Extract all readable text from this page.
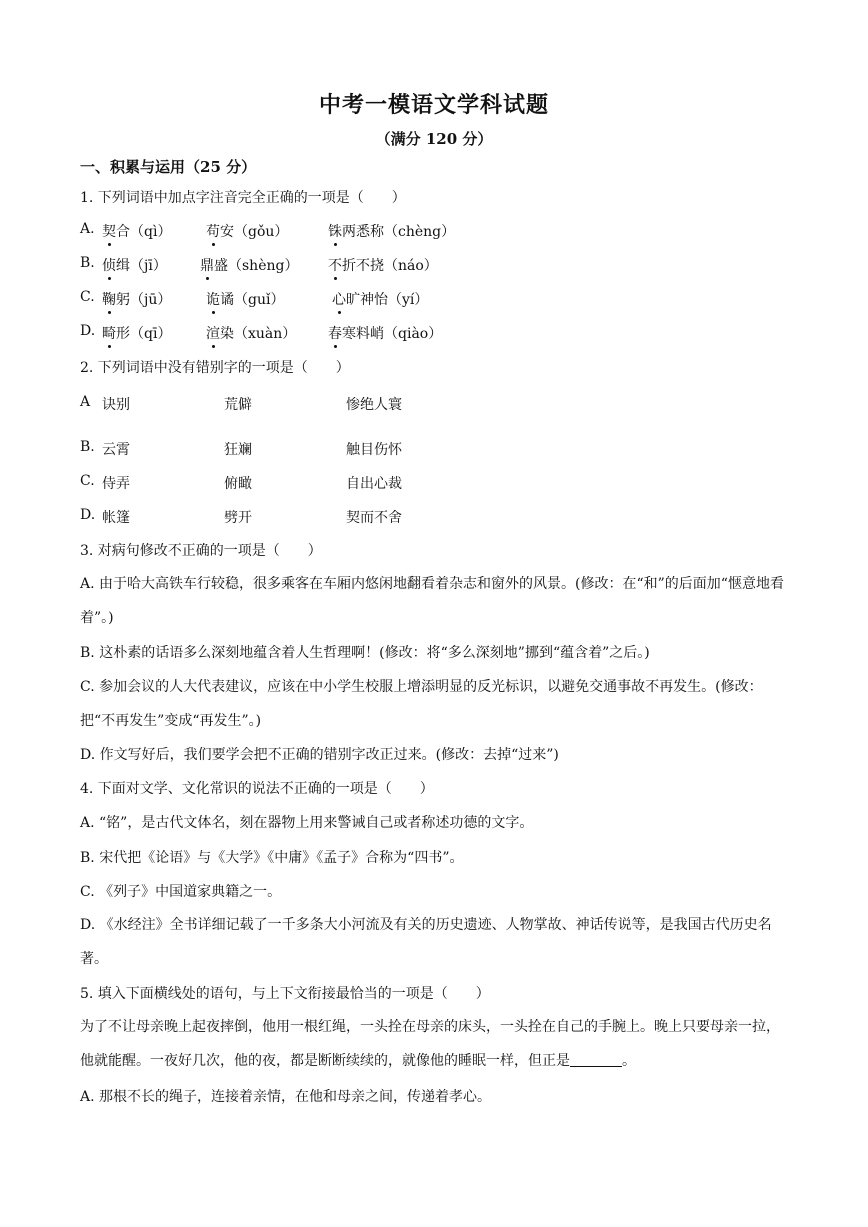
中考一模语文学科试题
（满分 120 分）
一、积累与运用（25 分）
1. 下列词语中加点字注音完全正确的一项是（　　）
A. 契合（qì） 苟安（gǒu）	铢两悉称（chèng）
B. 侦缉（jī） 鼎盛（shèng） 不折不挠（náo）
C. 鞠躬（jū） 诡谲（guǐ）	心旷神怡（yí）
D. 畸形（qī） 渲染（xuàn） 春寒料峭（qiào）
2. 下列词语中没有错别字的一项是（　　）
A 诀别	荒僻	惨绝人寰
B. 云霄	狂斓	触目伤怀
C. 侍弄	俯瞰	自出心裁
D. 帐篷	劈开	契而不舍
3. 对病句修改不正确的一项是（　　）
A. 由于哈大高铁车行较稳，很多乘客在车厢内悠闲地翻看着杂志和窗外的风景。(修改：在“和”的后面加“惬意地看着”。)
B. 这朴素的话语多么深刻地蕴含着人生哲理啊！(修改：将“多么深刻地”挪到“蕴含着”之后。)
C. 参加会议的人大代表建议，应该在中小学生校服上增添明显的反光标识，以避免交通事故不再发生。(修改：把“不再发生”变成“再发生”。)
D. 作文写好后，我们要学会把不正确的错别字改正过来。(修改：去掉“过来”)
4. 下面对文学、文化常识的说法不正确的一项是（　　）
A. “铭”，是古代文体名，刻在器物上用来警诫自己或者称述功德的文字。
B. 宋代把《论语》与《大学》《中庸》《孟子》合称为“四书”。
C. 《列子》中国道家典籍之一。
D. 《水经注》全书详细记载了一千多条大小河流及有关的历史遗迹、人物掌故、神话传说等，是我国古代历史名著。
5. 填入下面横线处的语句，与上下文衔接最恰当的一项是（　　）
为了不让母亲晚上起夜摔倒，他用一根红绳，一头拴在母亲的床头，一头拴在自己的手腕上。晚上只要母亲一拉，他就能醒。一夜好几次，他的夜，都是断断续续的，就像他的睡眠一样，但正是	。
A. 那根不长的绳子，连接着亲情，在他和母亲之间，传递着孝心。
